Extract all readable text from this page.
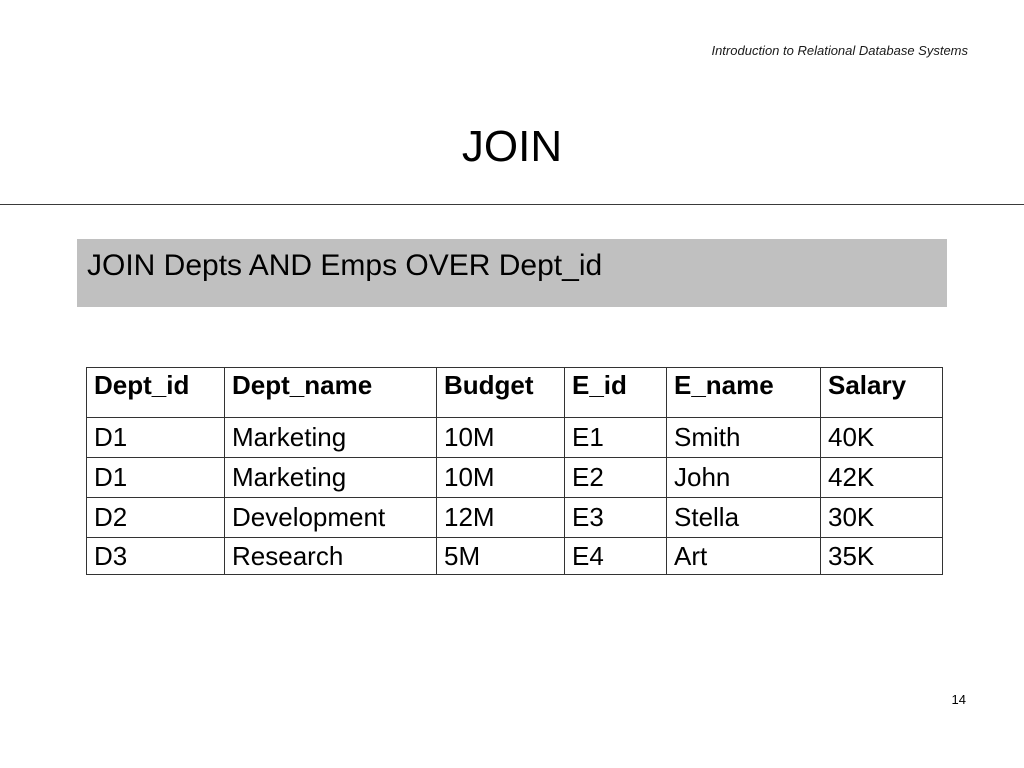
Introduction to Relational Database Systems
JOIN
JOIN Depts AND Emps OVER Dept_id
Dept_id	Dept_name	Budget	E_id	E_name	Salary
D1	Marketing	10M	E1	Smith	40K
D1	Marketing	10M	E2	John	42K
D2	Development	12M	E3	Stella	30K
D3	Research	5M	E4	Art	35K
14
